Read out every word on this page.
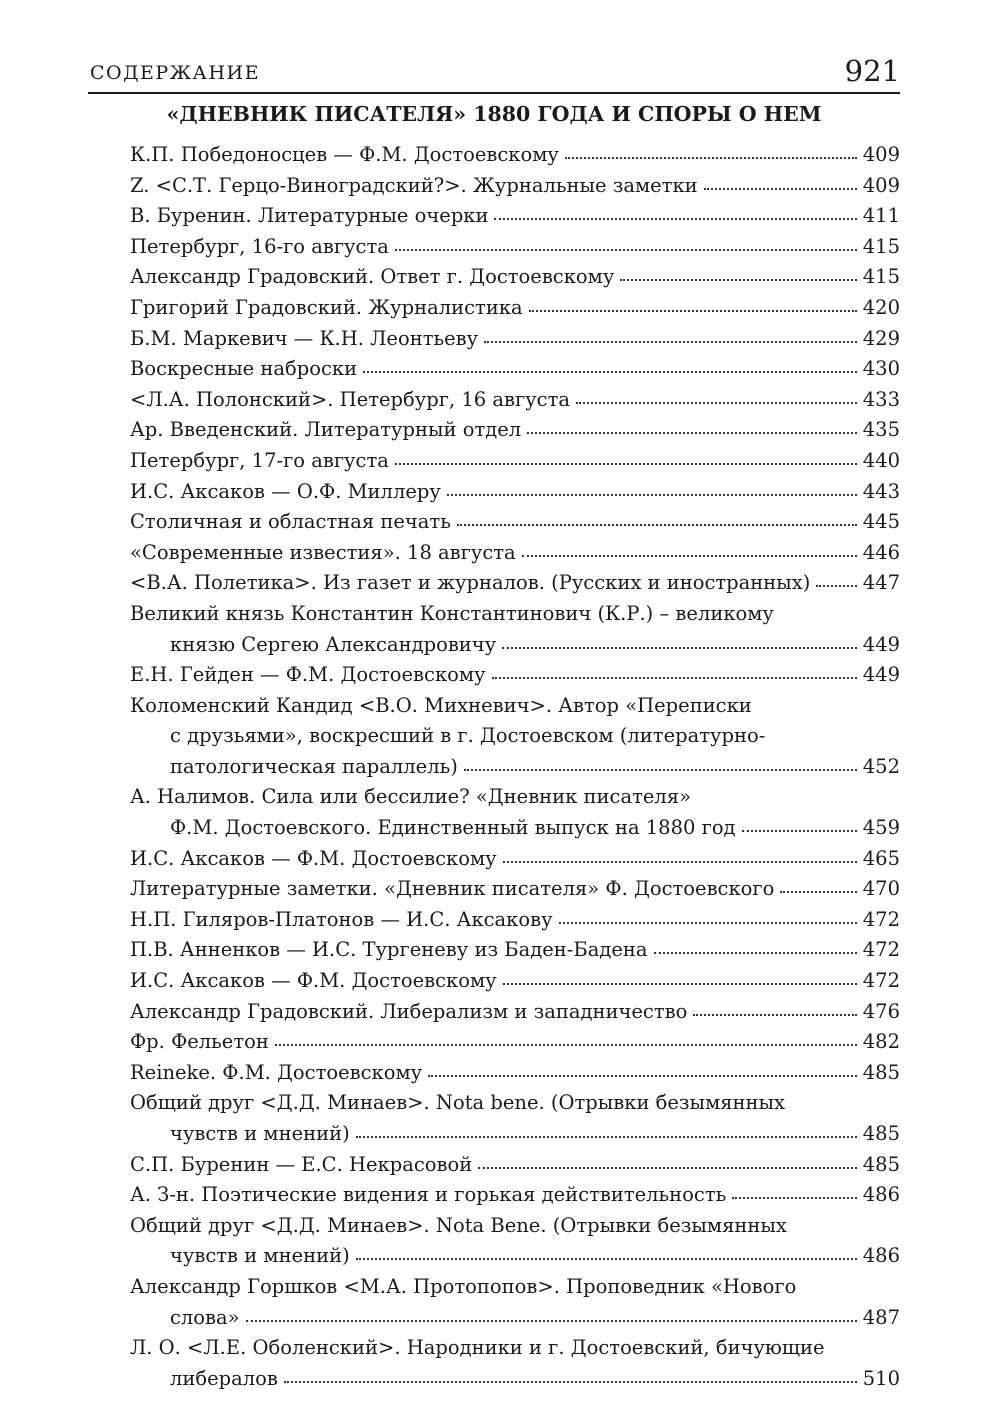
СОДЕРЖАНИЕ	921
«ДНЕВНИК ПИСАТЕЛЯ» 1880 ГОДА И СПОРЫ О НЕМ
К.П. Победоносцев — Ф.М. Достоевскому	409
Z. <С.Т. Герцо-Виноградский?>. Журнальные заметки	409
В. Буренин. Литературные очерки	411
Петербург, 16-го августа	415
Александр Градовский. Ответ г. Достоевскому	415
Григорий Градовский. Журналистика	420
Б.М. Маркевич — К.Н. Леонтьеву	429
Воскресные наброски	430
<Л.А. Полонский>. Петербург, 16 августа	433
Ар. Введенский. Литературный отдел	435
Петербург, 17-го августа	440
И.С. Аксаков — О.Ф. Миллеру	443
Столичная и областная печать	445
«Современные известия». 18 августа	446
<В.А. Полетика>. Из газет и журналов. (Русских и иностранных)	447
Великий князь Константин Константинович (К.Р.) – великому
князю Сергею Александровичу	449
Е.Н. Гейден — Ф.М. Достоевскому	449
Коломенский Кандид <В.О. Михневич>. Автор «Переписки
с друзьями», воскресший в г. Достоевском (литературно-
патологическая параллель)	452
А. Налимов. Сила или бессилие? «Дневник писателя»
Ф.М. Достоевского. Единственный выпуск на 1880 год	459
И.С. Аксаков — Ф.М. Достоевскому	465
Литературные заметки. «Дневник писателя» Ф. Достоевского	470
Н.П. Гиляров-Платонов — И.С. Аксакову	472
П.В. Анненков — И.С. Тургеневу из Баден-Бадена	472
И.С. Аксаков — Ф.М. Достоевскому	472
Александр Градовский. Либерализм и западничество	476
Фр. Фельетон	482
Reineke. Ф.М. Достоевскому	485
Общий друг <Д.Д. Минаев>. Nota bene. (Отрывки безымянных
чувств и мнений)	485
С.П. Буренин — Е.С. Некрасовой	485
А. З-н. Поэтические видения и горькая действительность	486
Общий друг <Д.Д. Минаев>. Nota Bene. (Отрывки безымянных
чувств и мнений)	486
Александр Горшков <М.А. Протопопов>. Проповедник «Нового
слова»	487
Л. О. <Л.Е. Оболенский>. Народники и г. Достоевский, бичующие
либералов	510
